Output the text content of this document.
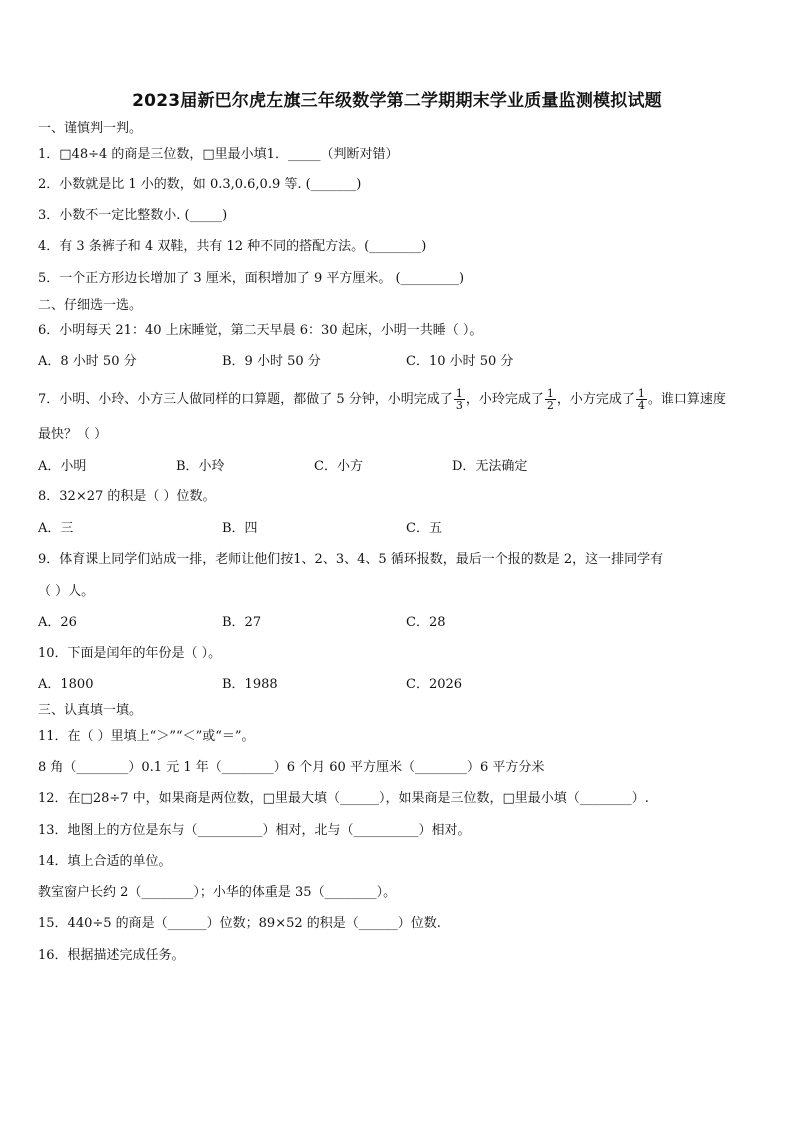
2023届新巴尔虎左旗三年级数学第二学期期末学业质量监测模拟试题
一、谨慎判一判。
1．□48÷4 的商是三位数，□里最小填1．_____（判断对错）
2．小数就是比 1 小的数，如 0.3,0.6,0.9 等. (_______)
3．小数不一定比整数小. (_____)
4．有 3 条裤子和 4 双鞋，共有 12 种不同的搭配方法。(________)
5．一个正方形边长增加了 3 厘米，面积增加了 9 平方厘米。 (_________)
二、仔细选一选。
6．小明每天 21：40 上床睡觉，第二天早晨 6：30 起床，小明一共睡（ ）。
A．8 小时 50 分	B．9 小时 50 分	C．10 小时 50 分
7．小明、小玲、小方三人做同样的口算题，都做了 5 分钟，小明完成了 $\frac{1}{3}$ ，小玲完成了 $\frac{1}{2}$ ，小方完成了 $\frac{1}{4}$ 。谁口算速度
最快？（ ）
A．小明	B．小玲	C．小方	D．无法确定
8．32×27 的积是（ ）位数。
A．三	B．四	C．五
9．体育课上同学们站成一排，老师让他们按1、2、3、4、5 循环报数，最后一个报的数是 2，这一排同学有
（ ）人。
A．26	B．27	C．28
10．下面是闰年的年份是（ ）。
A．1800	B．1988	C．2026
三、认真填一填。
11．在（ ）里填上“＞”“＜”或“＝”。
8 角（________）0.1 元 1 年（________）6 个月 60 平方厘米（________）6 平方分米
12．在□28÷7 中，如果商是两位数，□里最大填（______），如果商是三位数，□里最小填（________）.
13．地图上的方位是东与（__________）相对，北与（__________）相对。
14．填上合适的单位。
教室窗户长约 2（________）；小华的体重是 35（________）。
15．440÷5 的商是（______）位数；89×52 的积是（______）位数.
16．根据描述完成任务。
